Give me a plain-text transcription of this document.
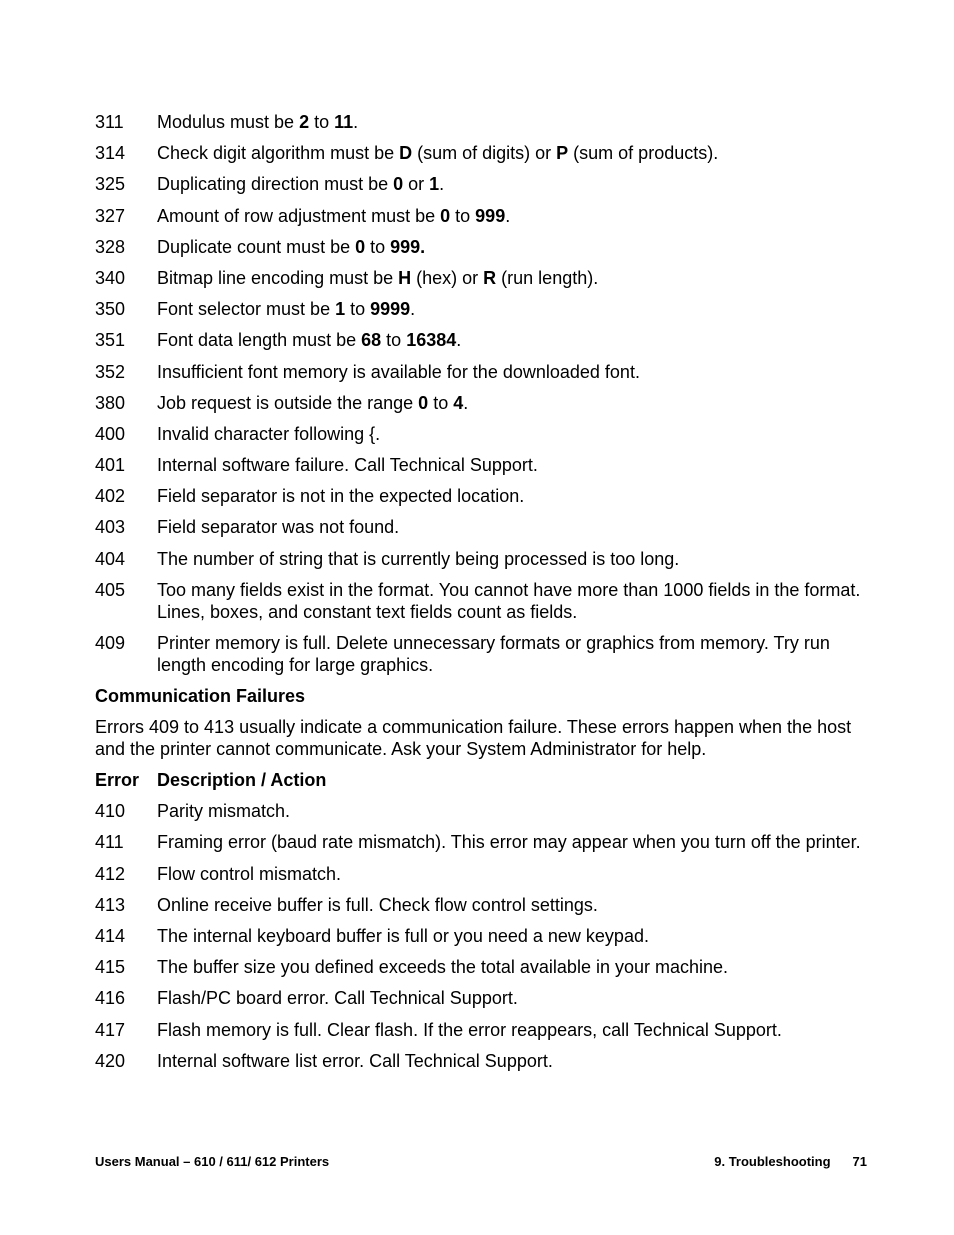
311	Modulus must be 2 to 11.
314	Check digit algorithm must be D (sum of digits) or P (sum of products).
325	Duplicating direction must be 0 or 1.
327	Amount of row adjustment must be 0 to 999.
328	Duplicate count must be 0 to 999.
340	Bitmap line encoding must be H (hex) or R (run length).
350	Font selector must be 1 to 9999.
351	Font data length must be 68 to 16384.
352	Insufficient font memory is available for the downloaded font.
380	Job request is outside the range 0 to 4.
400	Invalid character following {.
401	Internal software failure. Call Technical Support.
402	Field separator is not in the expected location.
403	Field separator was not found.
404	The number of string that is currently being processed is too long.
405	Too many fields exist in the format. You cannot have more than 1000 fields in the format. Lines, boxes, and constant text fields count as fields.
409	Printer memory is full. Delete unnecessary formats or graphics from memory. Try run length encoding for large graphics.
Communication Failures
Errors 409 to 413 usually indicate a communication failure. These errors happen when the host and the printer cannot communicate. Ask your System Administrator for help.
Error Description / Action
410	Parity mismatch.
411	Framing error (baud rate mismatch). This error may appear when you turn off the printer.
412	Flow control mismatch.
413	Online receive buffer is full. Check flow control settings.
414	The internal keyboard buffer is full or you need a new keypad.
415	The buffer size you defined exceeds the total available in your machine.
416	Flash/PC board error. Call Technical Support.
417	Flash memory is full. Clear flash. If the error reappears, call Technical Support.
420	Internal software list error. Call Technical Support.
Users Manual – 610 / 611/ 612 Printers	9. Troubleshooting 71
